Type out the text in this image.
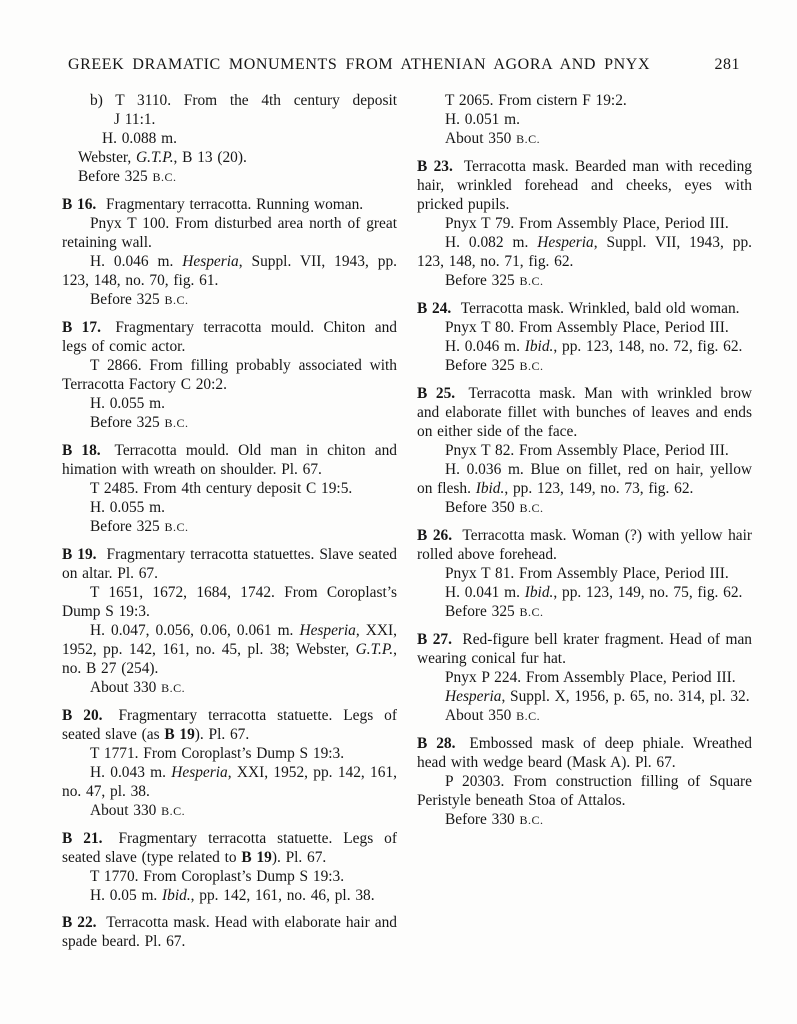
GREEK DRAMATIC MONUMENTS FROM ATHENIAN AGORA AND PNYX	281

b) T 3110. From the 4th century deposit

J 11:1.

H. 0.088 m.

Webster, G.T.P., B 13 (20).

Before 325 B.C.

B 16. Fragmentary terracotta. Running woman.

Pnyx T 100. From disturbed area north of great retaining wall.

H. 0.046 m. Hesperia, Suppl. VII, 1943, pp. 123, 148, no. 70, fig. 61.

Before 325 B.C.

B 17. Fragmentary terracotta mould. Chiton and legs of comic actor.

T 2866. From filling probably associated with Terracotta Factory C 20:2.

H. 0.055 m.

Before 325 B.C.

B 18. Terracotta mould. Old man in chiton and himation with wreath on shoulder. Pl. 67.

T 2485. From 4th century deposit C 19:5.

H. 0.055 m.

Before 325 B.C.

B 19. Fragmentary terracotta statuettes. Slave seated on altar. Pl. 67.

T 1651, 1672, 1684, 1742. From Coroplast’s Dump S 19:3.

H. 0.047, 0.056, 0.06, 0.061 m. Hesperia, XXI, 1952, pp. 142, 161, no. 45, pl. 38; Webster, G.T.P., no. B 27 (254).

About 330 B.C.

B 20. Fragmentary terracotta statuette. Legs of seated slave (as B 19). Pl. 67.

T 1771. From Coroplast’s Dump S 19:3.

H. 0.043 m. Hesperia, XXI, 1952, pp. 142, 161, no. 47, pl. 38.

About 330 B.C.

B 21. Fragmentary terracotta statuette. Legs of seated slave (type related to B 19). Pl. 67.

T 1770. From Coroplast’s Dump S 19:3.

H. 0.05 m. Ibid., pp. 142, 161, no. 46, pl. 38.

B 22. Terracotta mask. Head with elaborate hair and spade beard. Pl. 67.

T 2065. From cistern F 19:2.

H. 0.051 m.

About 350 B.C.

B 23. Terracotta mask. Bearded man with receding hair, wrinkled forehead and cheeks, eyes with pricked pupils.

Pnyx T 79. From Assembly Place, Period III.

H. 0.082 m. Hesperia, Suppl. VII, 1943, pp. 123, 148, no. 71, fig. 62.

Before 325 B.C.

B 24. Terracotta mask. Wrinkled, bald old woman.

Pnyx T 80. From Assembly Place, Period III.

H. 0.046 m. Ibid., pp. 123, 148, no. 72, fig. 62.

Before 325 B.C.

B 25. Terracotta mask. Man with wrinkled brow and elaborate fillet with bunches of leaves and ends on either side of the face.

Pnyx T 82. From Assembly Place, Period III.

H. 0.036 m. Blue on fillet, red on hair, yellow on flesh. Ibid., pp. 123, 149, no. 73, fig. 62.

Before 350 B.C.

B 26. Terracotta mask. Woman (?) with yellow hair rolled above forehead.

Pnyx T 81. From Assembly Place, Period III.

H. 0.041 m. Ibid., pp. 123, 149, no. 75, fig. 62.

Before 325 B.C.

B 27. Red-figure bell krater fragment. Head of man wearing conical fur hat.

Pnyx P 224. From Assembly Place, Period III.

Hesperia, Suppl. X, 1956, p. 65, no. 314, pl. 32.

About 350 B.C.

B 28. Embossed mask of deep phiale. Wreathed head with wedge beard (Mask A). Pl. 67.

P 20303. From construction filling of Square Peristyle beneath Stoa of Attalos.

Before 330 B.C.
